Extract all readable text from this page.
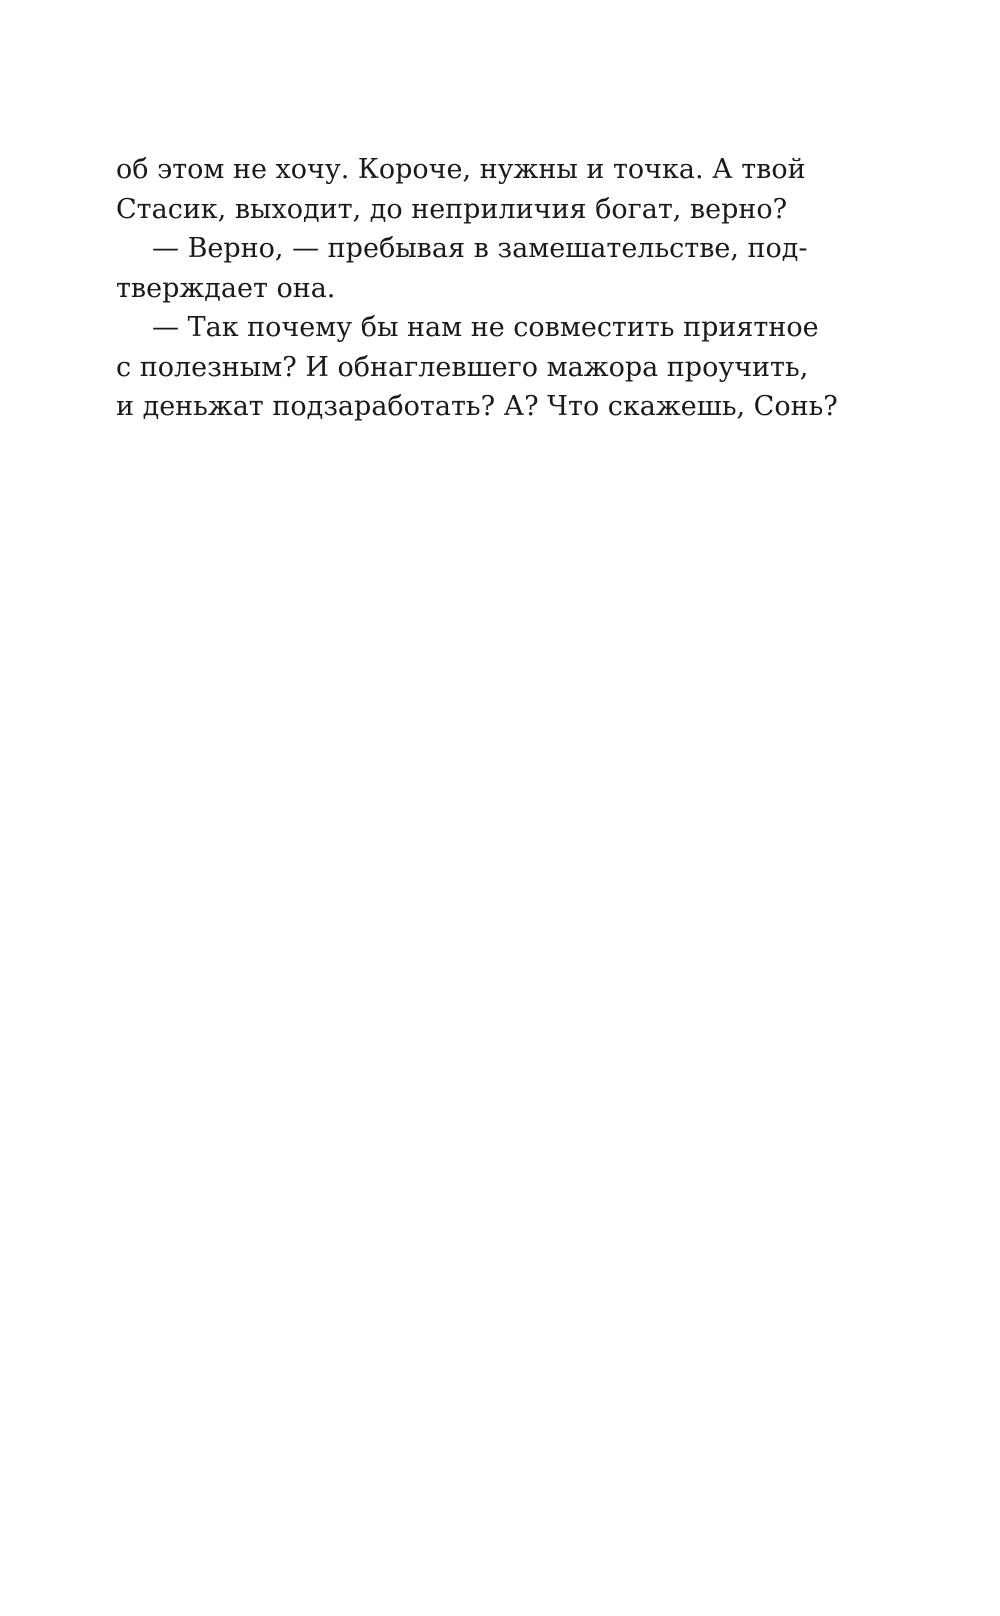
об этом не хочу. Короче, нужны и точка. А твой
Стасик, выходит, до неприличия богат, верно?
— Верно, — пребывая в замешательстве, под-
тверждает она.
— Так почему бы нам не совместить приятное
с полезным? И обнаглевшего мажора проучить,
и деньжат подзаработать? А? Что скажешь, Сонь?
